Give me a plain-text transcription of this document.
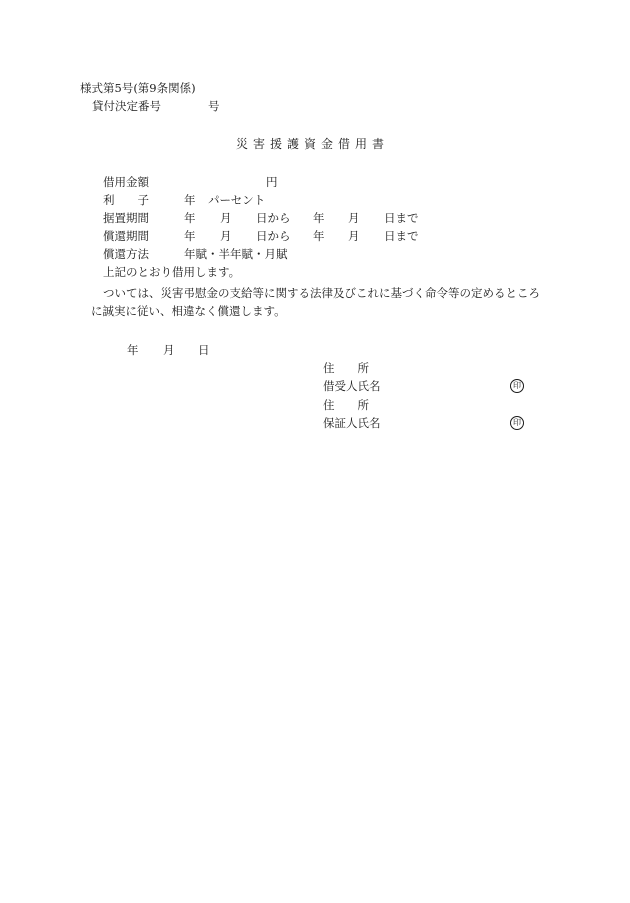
様式第5号(第9条関係)
貸付決定番号	号
災害援護資金借用書
借用金額	円
利　　子	年 パーセント
据置期間	年 月 日から 年 月 日まで
償還期間	年 月 日から 年 月 日まで
償還方法	年賦・半年賦・月賦
上記のとおり借用します。
ついては、災害弔慰金の支給等に関する法律及びこれに基づく命令等の定めるところ
に誠実に従い、相違なく償還します。
年 月 日
住　　所
借受人氏名	印
住　　所
保証人氏名	印
